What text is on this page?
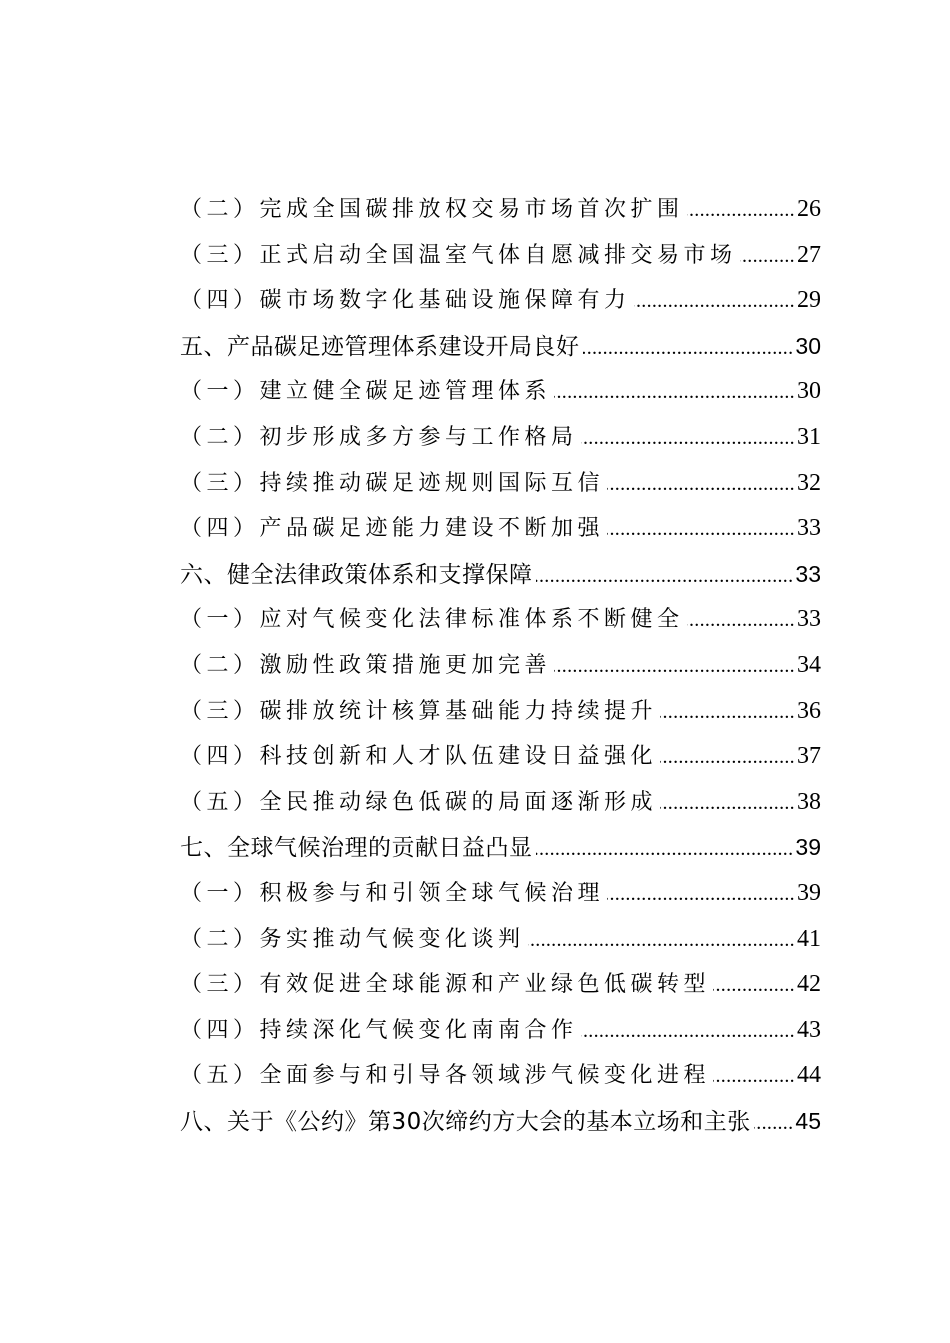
（二）完成全国碳排放权交易市场首次扩围 .....	26
（三）正式启动全国温室气体自愿减排交易市场 .....	27
（四）碳市场数字化基础设施保障有力 .....	29
五、产品碳足迹管理体系建设开局良好 .....	30
（一）建立健全碳足迹管理体系 .....	30
（二）初步形成多方参与工作格局 .....	31
（三）持续推动碳足迹规则国际互信 .....	32
（四）产品碳足迹能力建设不断加强 .....	33
六、健全法律政策体系和支撑保障 .....	33
（一）应对气候变化法律标准体系不断健全 .....	33
（二）激励性政策措施更加完善 .....	34
（三）碳排放统计核算基础能力持续提升 .....	36
（四）科技创新和人才队伍建设日益强化 .....	37
（五）全民推动绿色低碳的局面逐渐形成 .....	38
七、全球气候治理的贡献日益凸显 .....	39
（一）积极参与和引领全球气候治理 .....	39
（二）务实推动气候变化谈判 .....	41
（三）有效促进全球能源和产业绿色低碳转型 .....	42
（四）持续深化气候变化南南合作 .....	43
（五）全面参与和引导各领域涉气候变化进程 .....	44
八、关于《公约》第30次缔约方大会的基本立场和主张 ..... 45
